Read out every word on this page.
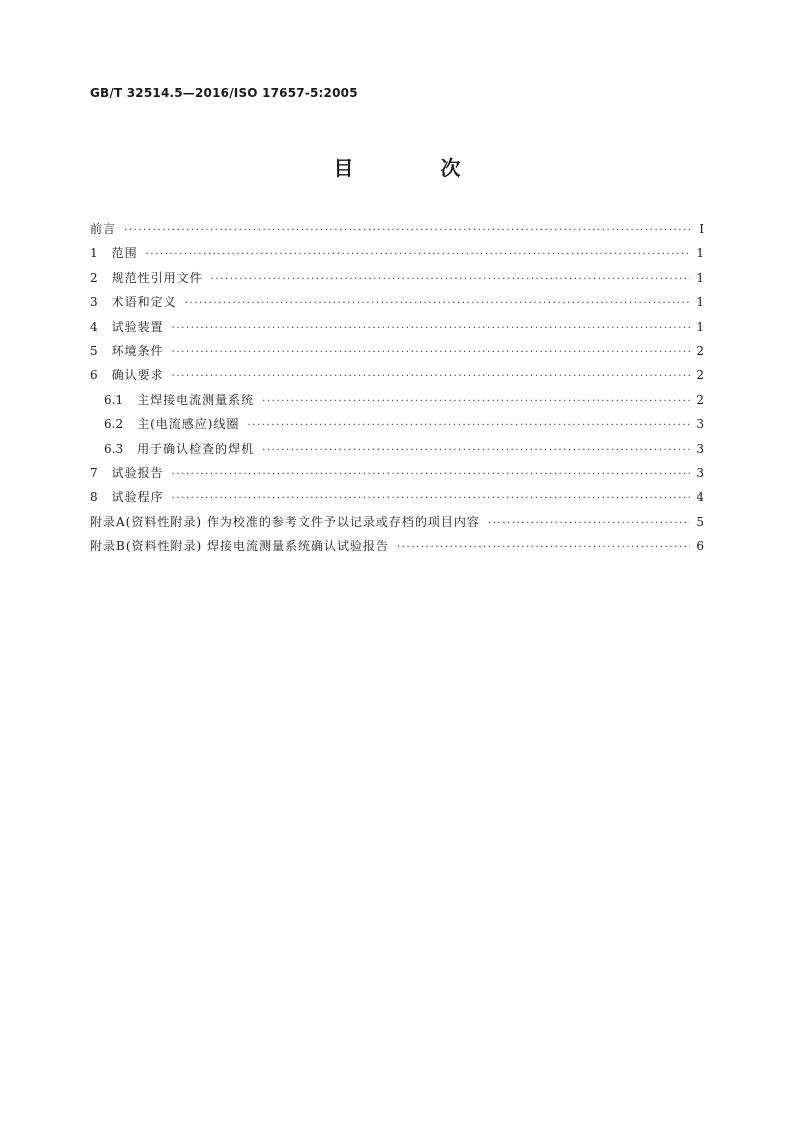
GB/T 32514.5—2016/ISO 17657-5:2005
目 次
前言 ·····	Ⅰ
1 范围 ·····	1
2 规范性引用文件 ·····	1
3 术语和定义 ·····	1
4 试验装置 ·····	1
5 环境条件 ·····	2
6 确认要求 ·····	2
6.1 主焊接电流测量系统 ·····	2
6.2 主(电流感应)线圈 ·····	3
6.3 用于确认检查的焊机 ·····	3
7 试验报告 ·····	3
8 试验程序 ·····	4
附录A(资料性附录) 作为校准的参考文件予以记录或存档的项目内容 ·····	5
附录B(资料性附录) 焊接电流测量系统确认试验报告 ·····	6
